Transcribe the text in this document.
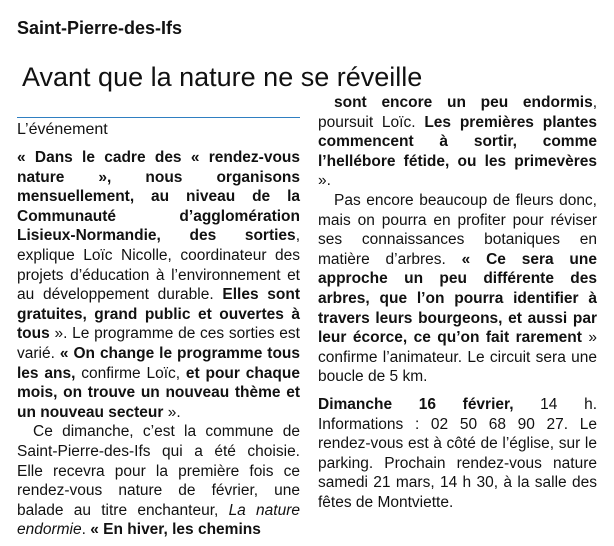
Saint-Pierre-des-Ifs
Avant que la nature ne se réveille
L’événement

« Dans le cadre des « rendez-vous nature », nous organisons mensuellement, au niveau de la Communauté d’agglomération Lisieux-Normandie, des sorties, explique Loïc Nicolle, coordinateur des projets d’éducation à l’environnement et au développement durable. Elles sont gratuites, grand public et ouvertes à tous ». Le programme de ces sorties est varié. « On change le programme tous les ans, confirme Loïc, et pour chaque mois, on trouve un nouveau thème et un nouveau secteur ».

Ce dimanche, c’est la commune de Saint-Pierre-des-Ifs qui a été choisie. Elle recevra pour la première fois ce rendez-vous nature de février, une balade au titre enchanteur, La nature endormie. « En hiver, les chemins

sont encore un peu endormis, poursuit Loïc. Les premières plantes commencent à sortir, comme l’hellébore fétide, ou les primevères ».

Pas encore beaucoup de fleurs donc, mais on pourra en profiter pour réviser ses connaissances botaniques en matière d’arbres. « Ce sera une approche un peu différente des arbres, que l’on pourra identifier à travers leurs bourgeons, et aussi par leur écorce, ce qu’on fait rarement » confirme l’animateur. Le circuit sera une boucle de 5 km.

Dimanche 16 février, 14 h. Informations : 02 50 68 90 27. Le rendez-vous est à côté de l’église, sur le parking. Prochain rendez-vous nature samedi 21 mars, 14 h 30, à la salle des fêtes de Montviette.
